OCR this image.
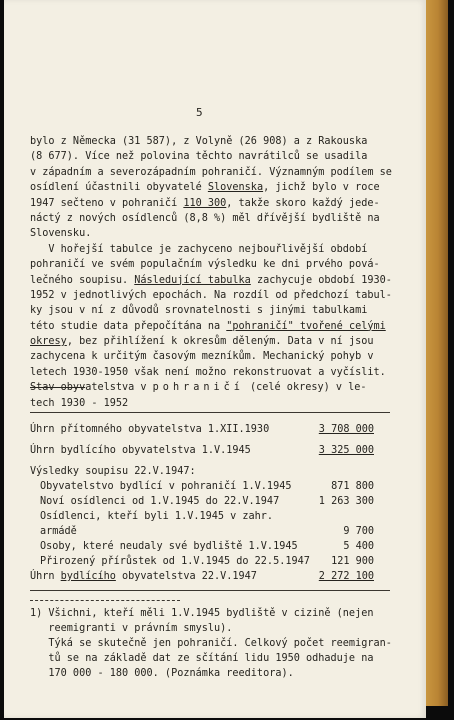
5
bylo z Německa (31 587), z Volyně (26 908) a z Rakouska
(8 677). Více než polovina těchto navrátilců se usadila
v západním a severozápadním pohraničí. Významným podílem se
osídlení účastnili obyvatelé Slovenska, jichž bylo v roce
1947 sečteno v pohraničí 110 300, takže skoro každý jede-
náctý z nových osídlenců (8,8 %) měl dřívější bydliště na
Slovensku.
V hořejší tabulce je zachyceno nejbouřlivější období
pohraničí ve svém populačním výsledku ke dni prvého pová-
lečného soupisu. Následující tabulka zachycuje období 1930-
1952 v jednotlivých epochách. Na rozdíl od předchozí tabul-
ky jsou v ní z důvodů srovnatelnosti s jinými tabulkami
této studie data přepočítána na "pohraničí" tvořené celými
okresy, bez přihlížení k okresům děleným. Data v ní jsou
zachycena k určitým časovým mezníkům. Mechanický pohyb v
letech 1930-1950 však není možno rekonstruovat a vyčíslit.
Stav obyvatelstva v pohraničí (celé okresy) v le-
tech 1930 - 1952
Úhrn přítomného obyvatelstva 1.XII.1930	3 708 000
Úhrn bydlícího obyvatelstva 1.V.1945	3 325 000
Výsledky soupisu 22.V.1947:
Obyvatelstvo bydlící v pohraničí 1.V.1945	871 800
Noví osídlenci od 1.V.1945 do 22.V.1947	1 263 300
Osídlenci, kteří byli 1.V.1945 v zahr.
armádě	9 700
Osoby, které neudaly své bydliště 1.V.1945	5 400
Přirozený přírůstek od 1.V.1945 do 22.5.1947 121 900
Úhrn bydlícího obyvatelstva 22.V.1947	2 272 100
1) Všichni, kteří měli 1.V.1945 bydliště v cizině (nejen
reemigranti v právním smyslu).
Týká se skutečně jen pohraničí. Celkový počet reemigran-
tů se na základě dat ze sčítání lidu 1950 odhaduje na
170 000 - 180 000. (Poznámka reeditora).
